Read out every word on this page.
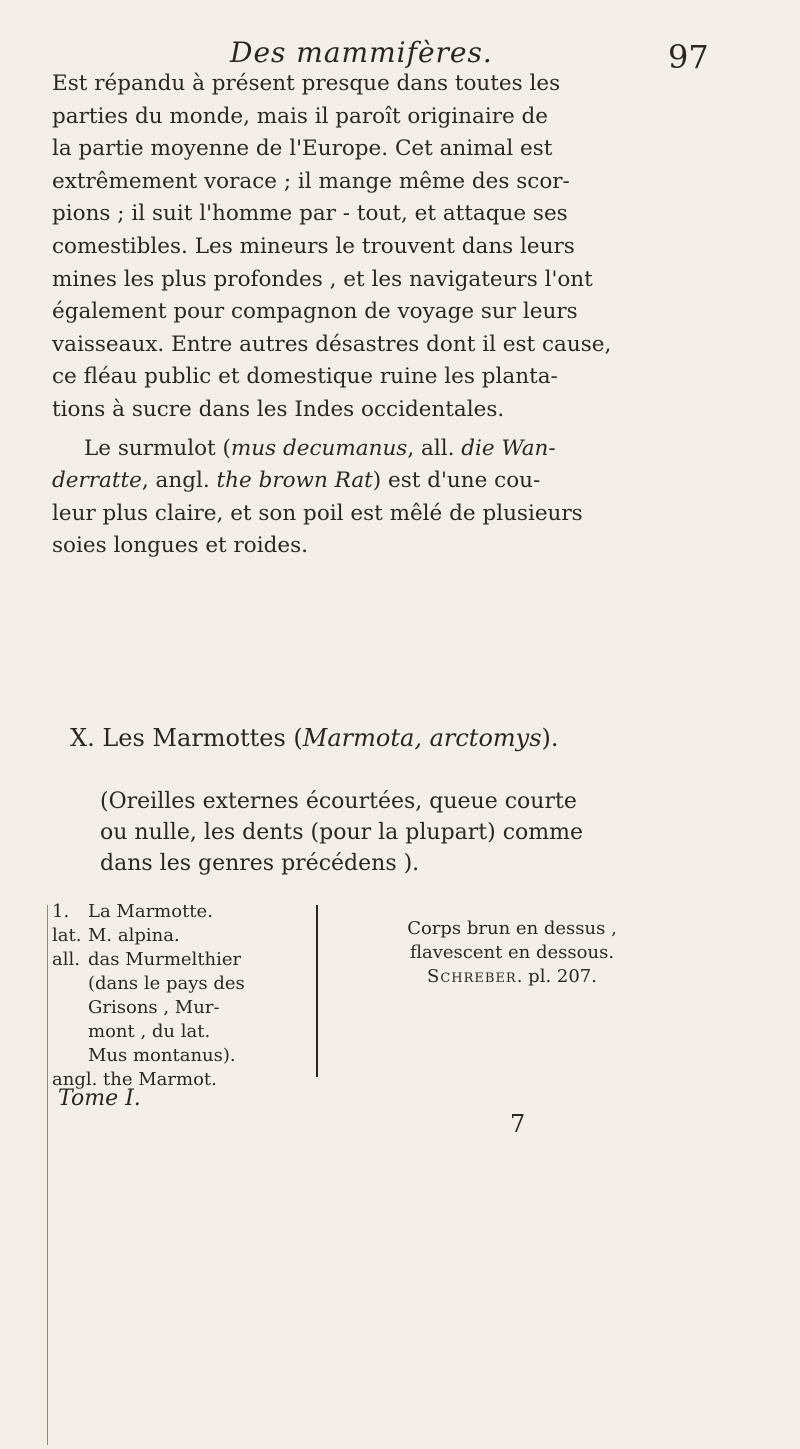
Des mammifères.	97

Est répandu à présent presque dans toutes les
parties du monde, mais il paroît originaire de
la partie moyenne de l'Europe. Cet animal est
extrêmement vorace ; il mange même des scor-
pions ; il suit l'homme par - tout, et attaque ses
comestibles. Les mineurs le trouvent dans leurs
mines les plus profondes , et les navigateurs l'ont
également pour compagnon de voyage sur leurs
vaisseaux. Entre autres désastres dont il est cause,
ce fléau public et domestique ruine les planta-
tions à sucre dans les Indes occidentales.

Le surmulot (mus decumanus, all. die Wan-
derratte, angl. the brown Rat) est d'une cou-
leur plus claire, et son poil est mêlé de plusieurs
soies longues et roides.

X. Les Marmottes (Marmota, arctomys).
(Oreilles externes écourtées, queue courte
ou nulle, les dents (pour la plupart) comme
dans les genres précédens ).
1.	La Marmotte.
lat. M. alpina.
all. das Murmelthier
(dans le pays des
Grisons , Mur-
mont , du lat.
Mus montanus).
angl. the Marmot.
Corps brun en dessus ,
flavescent en dessous.
Schreber. pl. 207.
Tome I.
7
